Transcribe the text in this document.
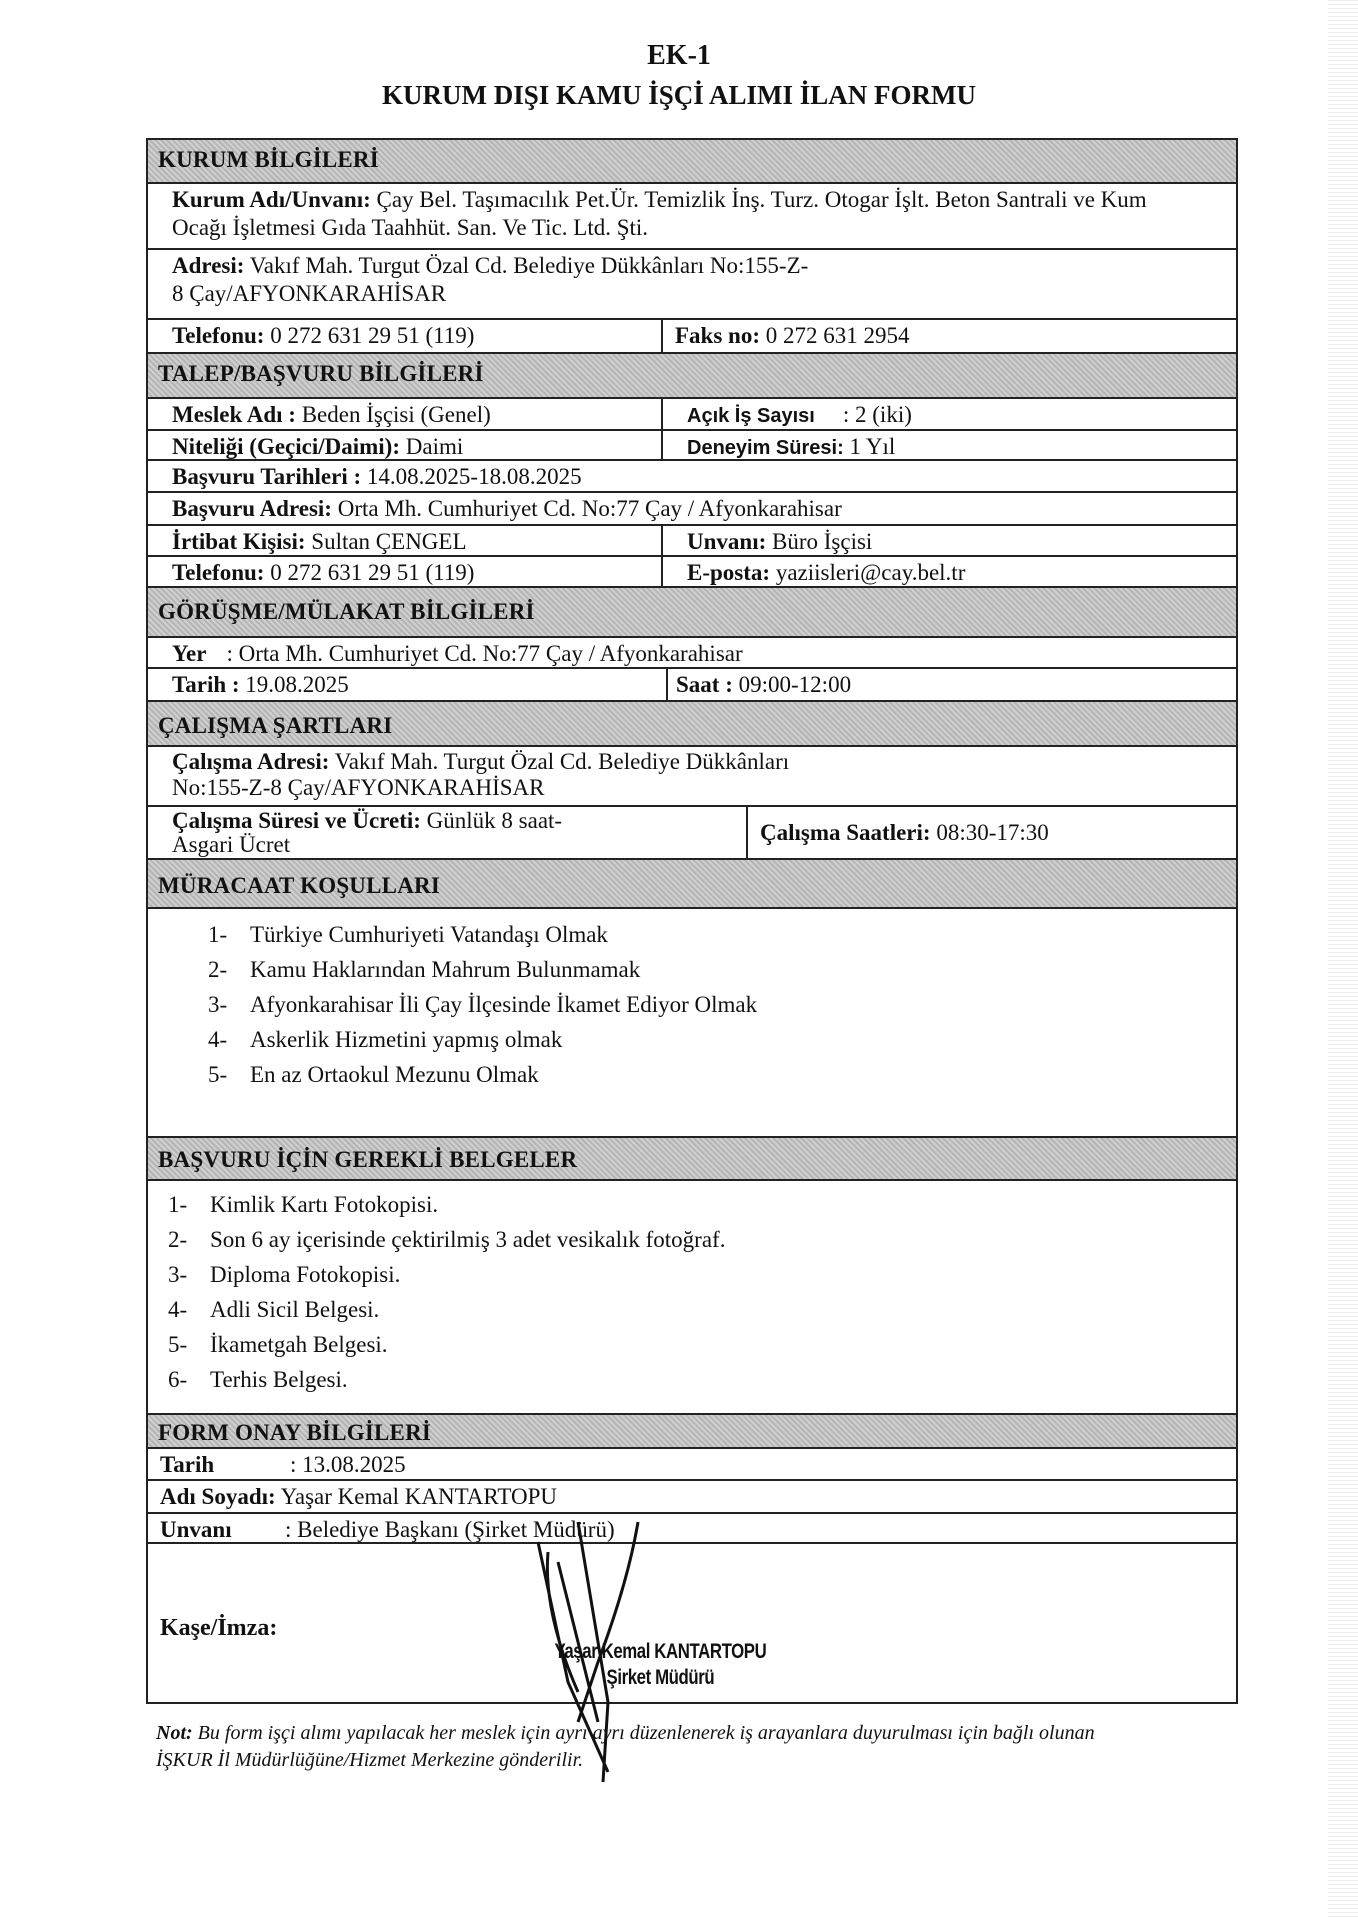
EK-1
KURUM DIŞI KAMU İŞÇİ ALIMI İLAN FORMU
KURUM BİLGİLERİ
Kurum Adı/Unvanı: Çay Bel. Taşımacılık Pet.Ür. Temizlik İnş. Turz. Otogar İşlt. Beton Santrali ve Kum Ocağı İşletmesi Gıda Taahhüt. San. Ve Tic. Ltd. Şti.
Adresi: Vakıf Mah. Turgut Özal Cd. Belediye Dükkânları No:155-Z-8 Çay/AFYONKARAHİSAR
Telefonu: 0 272 631 29 51 (119)	Faks no: 0 272 631 2954
TALEP/BAŞVURU BİLGİLERİ
Meslek Adı : Beden İşçisi (Genel)	Açık İş Sayısı : 2 (iki)
Niteliği (Geçici/Daimi): Daimi	Deneyim Süresi: 1 Yıl
Başvuru Tarihleri : 14.08.2025-18.08.2025
Başvuru Adresi: Orta Mh. Cumhuriyet Cd. No:77 Çay / Afyonkarahisar
İrtibat Kişisi: Sultan ÇENGEL	Unvanı: Büro İşçisi
Telefonu: 0 272 631 29 51 (119)	E-posta: yaziisleri@cay.bel.tr
GÖRÜŞME/MÜLAKAT BİLGİLERİ
Yer : Orta Mh. Cumhuriyet Cd. No:77 Çay / Afyonkarahisar
Tarih : 19.08.2025	Saat : 09:00-12:00
ÇALIŞMA ŞARTLARI
Çalışma Adresi: Vakıf Mah. Turgut Özal Cd. Belediye Dükkânları No:155-Z-8 Çay/AFYONKARAHİSAR
Çalışma Süresi ve Ücreti: Günlük 8 saat-Asgari Ücret	Çalışma Saatleri: 08:30-17:30
MÜRACAAT KOŞULLARI
1- Türkiye Cumhuriyeti Vatandaşı Olmak
2- Kamu Haklarından Mahrum Bulunmamak
3- Afyonkarahisar İli Çay İlçesinde İkamet Ediyor Olmak
4- Askerlik Hizmetini yapmış olmak
5- En az Ortaokul Mezunu Olmak
BAŞVURU İÇİN GEREKLİ BELGELER
1- Kimlik Kartı Fotokopisi.
2- Son 6 ay içerisinde çektirilmiş 3 adet vesikalık fotoğraf.
3- Diploma Fotokopisi.
4- Adli Sicil Belgesi.
5- İkametgah Belgesi.
6- Terhis Belgesi.
FORM ONAY BİLGİLERİ
Tarih	: 13.08.2025
Adı Soyadı: Yaşar Kemal KANTARTOPU
Unvanı : Belediye Başkanı (Şirket Müdürü)
Kaşe/İmza:
Yaşar Kemal KANTARTOPU
Şirket Müdürü
Not: Bu form işçi alımı yapılacak her meslek için ayrı ayrı düzenlenerek iş arayanlara duyurulması için bağlı olunan İŞKUR İl Müdürlüğüne/Hizmet Merkezine gönderilir.
